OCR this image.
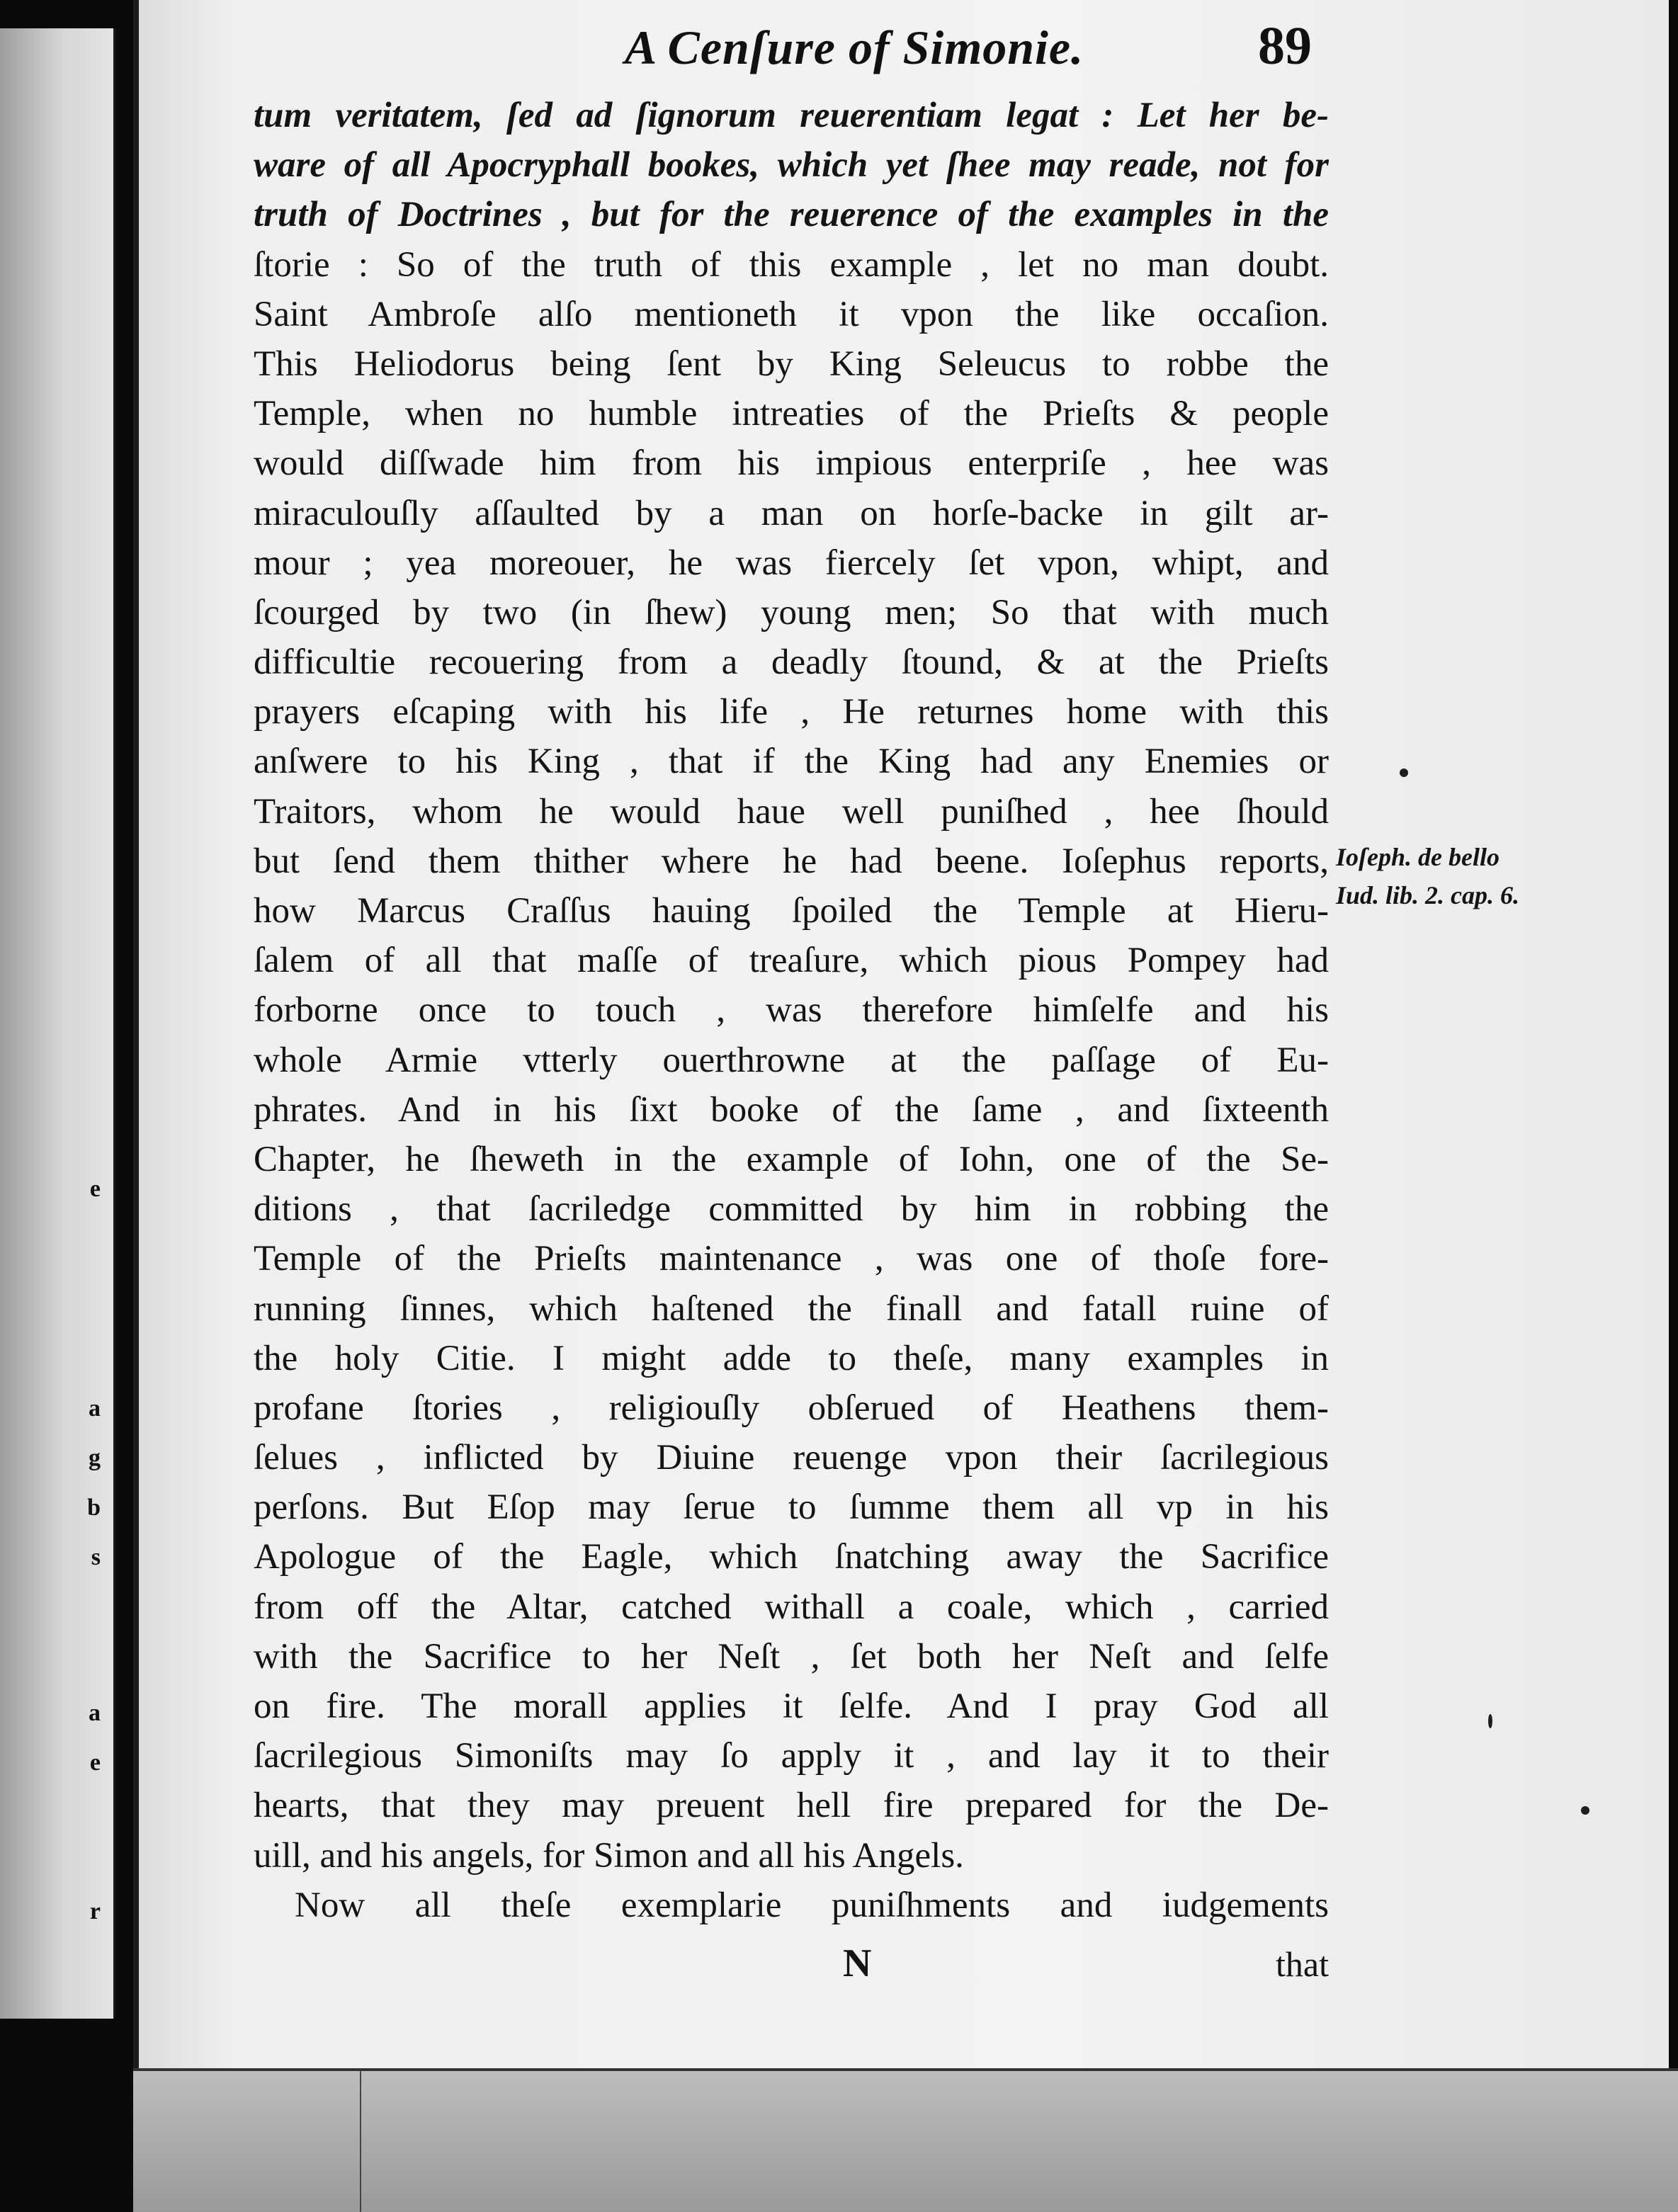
e
a
g
b
s
a
e
r
A Cenſure of Simonie.	89
tum veritatem, ſed ad ſignorum reuerentiam legat : Let her be-
ware of all Apocryphall bookes, which yet ſhee may reade, not for
truth of Doctrines , but for the reuerence of the examples in the
ſtorie : So of the truth of this example , let no man doubt.
Saint Ambroſe alſo mentioneth it vpon the like occaſion.
This Heliodorus being ſent by King Seleucus to robbe the
Temple, when no humble intreaties of the Prieſts & people
would diſſwade him from his impious enterpriſe , hee was
miraculouſly aſſaulted by a man on horſe-backe in gilt ar-
mour ; yea moreouer, he was fiercely ſet vpon, whipt, and
ſcourged by two (in ſhew) young men; So that with much
difficultie recouering from a deadly ſtound, & at the Prieſts
prayers eſcaping with his life , He returnes home with this
anſwere to his King , that if the King had any Enemies or
Traitors, whom he would haue well puniſhed , hee ſhould
but ſend them thither where he had beene. Ioſephus reports,
how Marcus Craſſus hauing ſpoiled the Temple at Hieru-
ſalem of all that maſſe of treaſure, which pious Pompey had
forborne once to touch , was therefore himſelfe and his
whole Armie vtterly ouerthrowne at the paſſage of Eu-
phrates. And in his ſixt booke of the ſame , and ſixteenth
Chapter, he ſheweth in the example of Iohn, one of the Se-
ditions , that ſacriledge committed by him in robbing the
Temple of the Prieſts maintenance , was one of thoſe fore-
running ſinnes, which haſtened the finall and fatall ruine of
the holy Citie. I might adde to theſe, many examples in
profane ſtories , religiouſly obſerued of Heathens them-
ſelues , inflicted by Diuine reuenge vpon their ſacrilegious
perſons. But Eſop may ſerue to ſumme them all vp in his
Apologue of the Eagle, which ſnatching away the Sacrifice
from off the Altar, catched withall a coale, which , carried
with the Sacrifice to her Neſt , ſet both her Neſt and ſelfe
on fire. The morall applies it ſelfe. And I pray God all
ſacrilegious Simoniſts may ſo apply it , and lay it to their
hearts, that they may preuent hell fire prepared for the De-
uill, and his angels, for Simon and all his Angels.
Now all theſe exemplarie puniſhments and iudgements
Ioſeph. de bello
Iud. lib. 2. cap. 6.
N	that
